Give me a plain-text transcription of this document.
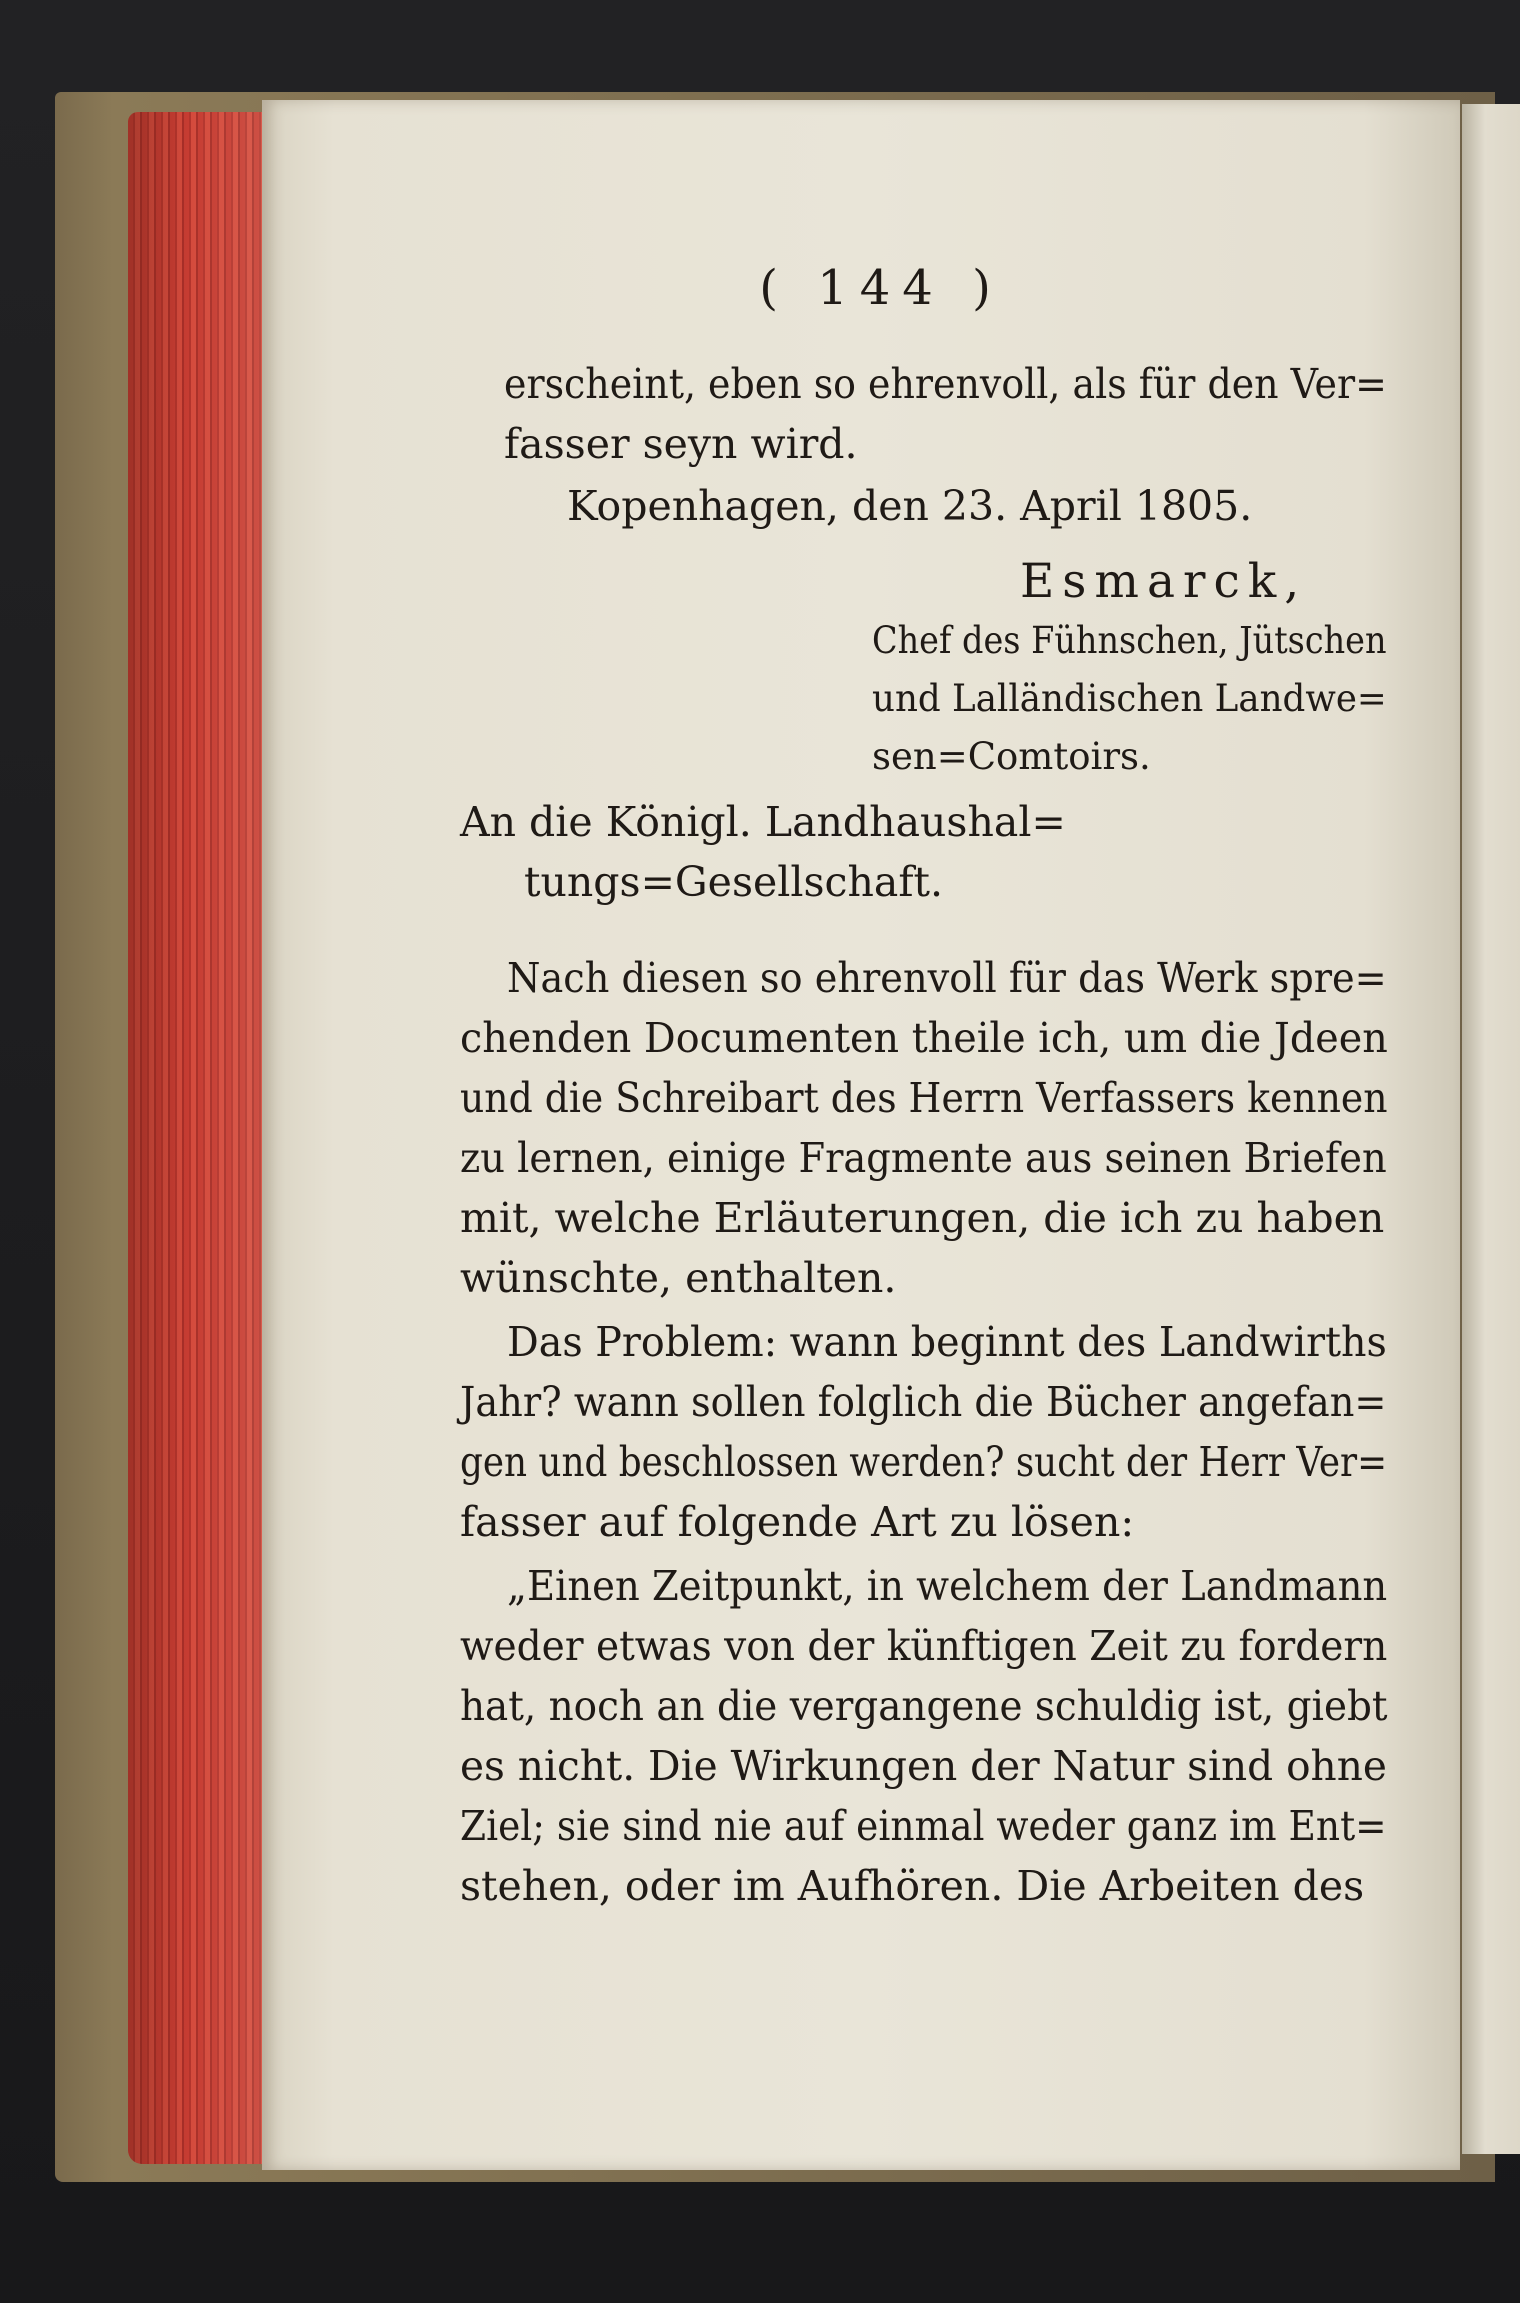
( 144 )
erscheint, eben so ehrenvoll, als für den Ver=
fasser seyn wird.
Kopenhagen, den 23. April 1805.
Esmarck,
Chef des Fühnschen, Jütschen
und Lalländischen Landwe=
sen=Comtoirs.
An die Königl. Landhaushal=
tungs=Gesellschaft.
Nach diesen so ehrenvoll für das Werk spre=
chenden Documenten theile ich, um die Jdeen
und die Schreibart des Herrn Verfassers kennen
zu lernen, einige Fragmente aus seinen Briefen
mit, welche Erläuterungen, die ich zu haben
wünschte, enthalten.
Das Problem: wann beginnt des Landwirths
Jahr? wann sollen folglich die Bücher angefan=
gen und beschlossen werden? sucht der Herr Ver=
fasser auf folgende Art zu lösen:
„Einen Zeitpunkt, in welchem der Landmann
weder etwas von der künftigen Zeit zu fordern
hat, noch an die vergangene schuldig ist, giebt
es nicht. Die Wirkungen der Natur sind ohne
Ziel; sie sind nie auf einmal weder ganz im Ent=
stehen, oder im Aufhören. Die Arbeiten des
